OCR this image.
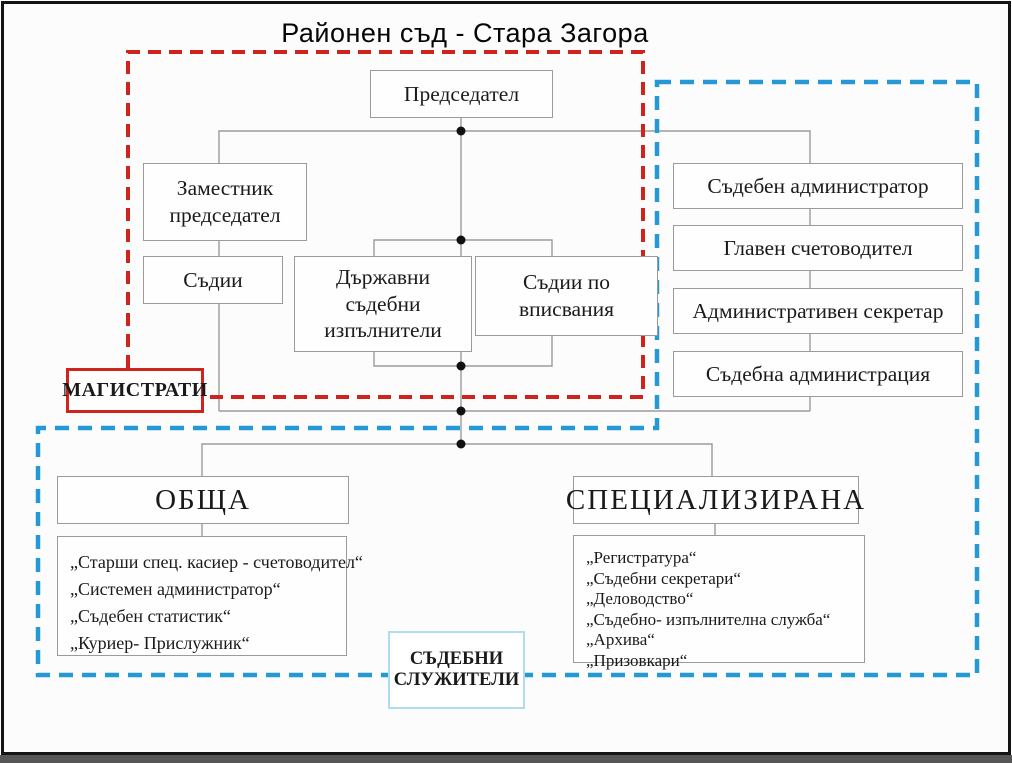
Районен съд - Стара Загора
Председател
Заместник председател
Съдии	Държавни съдебни изпълнители
Съдии по вписвания
Съдебен администратор
Главен счетоводител
Административен секретар
Съдебна администрация
ОБЩА
„Старши спец. касиер - счетоводител“
„Системен администратор“
„Съдебен статистик“
„Куриер- Прислужник“
СПЕЦИАЛИЗИРАНА
„Регистратура“
„Съдебни секретари“
„Деловодство“
„Съдебно- изпълнителна служба“
„Архива“
„Призовкари“
МАГИСТРАТИ
СЪДЕБНИ СЛУЖИТЕЛИ
